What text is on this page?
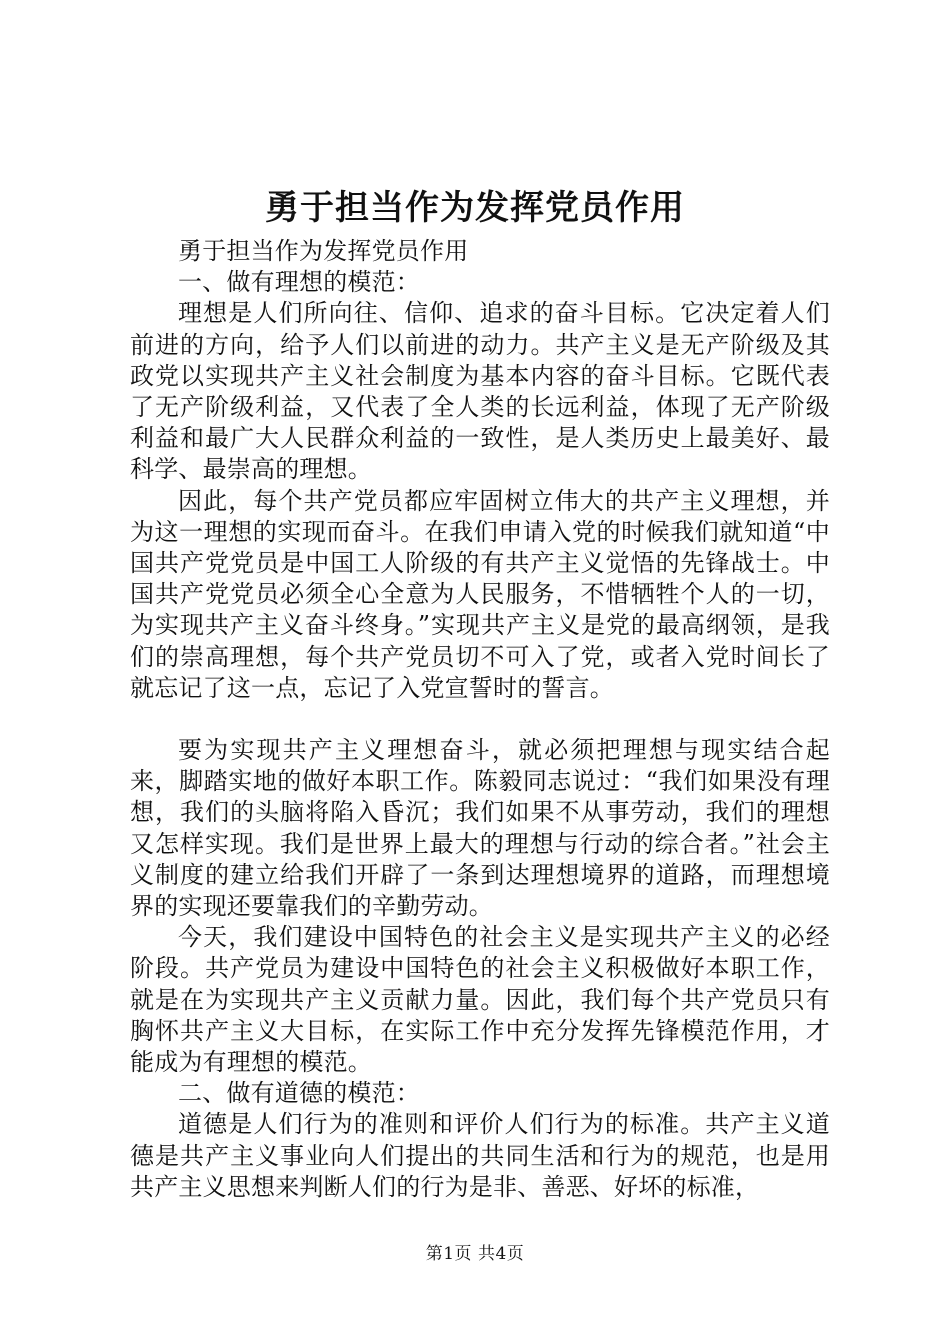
勇于担当作为发挥党员作用

勇于担当作为发挥党员作用

一、做有理想的模范：

理想是人们所向往、信仰、追求的奋斗目标。它决定着人们前进的方向，给予人们以前进的动力。共产主义是无产阶级及其政党以实现共产主义社会制度为基本内容的奋斗目标。它既代表了无产阶级利益，又代表了全人类的长远利益，体现了无产阶级利益和最广大人民群众利益的一致性，是人类历史上最美好、最科学、最崇高的理想。

因此，每个共产党员都应牢固树立伟大的共产主义理想，并为这一理想的实现而奋斗。在我们申请入党的时候我们就知道“中国共产党党员是中国工人阶级的有共产主义觉悟的先锋战士。中国共产党党员必须全心全意为人民服务，不惜牺牲个人的一切，为实现共产主义奋斗终身。”实现共产主义是党的最高纲领，是我们的崇高理想，每个共产党员切不可入了党，或者入党时间长了就忘记了这一点，忘记了入党宣誓时的誓言。

要为实现共产主义理想奋斗，就必须把理想与现实结合起来，脚踏实地的做好本职工作。陈毅同志说过：“我们如果没有理想，我们的头脑将陷入昏沉；我们如果不从事劳动，我们的理想又怎样实现。我们是世界上最大的理想与行动的综合者。”社会主义制度的建立给我们开辟了一条到达理想境界的道路，而理想境界的实现还要靠我们的辛勤劳动。

今天，我们建设中国特色的社会主义是实现共产主义的必经阶段。共产党员为建设中国特色的社会主义积极做好本职工作，就是在为实现共产主义贡献力量。因此，我们每个共产党员只有胸怀共产主义大目标，在实际工作中充分发挥先锋模范作用，才能成为有理想的模范。

二、做有道德的模范：

道德是人们行为的准则和评价人们行为的标准。共产主义道德是共产主义事业向人们提出的共同生活和行为的规范，也是用共产主义思想来判断人们的行为是非、善恶、好坏的标准，

第1页 共4页
